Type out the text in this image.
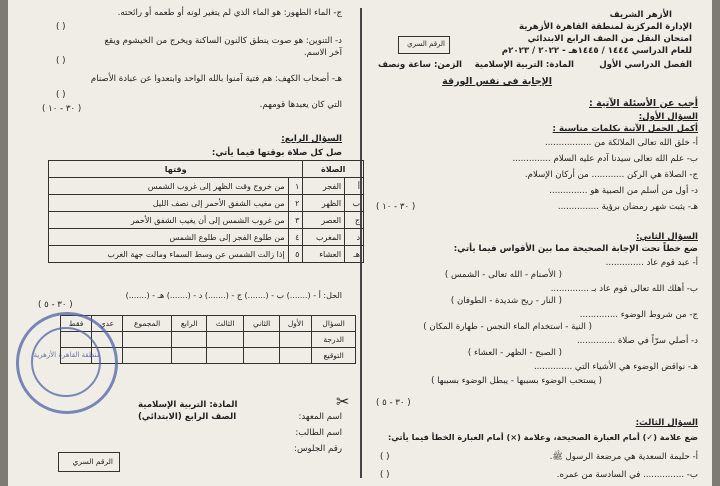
الأزهر الشريف
الإدارة المركزية لمنطقة القاهرة الأزهرية
امتحان النقل من الصف الرابع الابتدائي
للعام الدراسي ١٤٤٤ / ١٤٤٥هـ - ٢٠٢٢ / ٢٠٢٣م
الرقم السري
الفصل الدراسي الأول
المادة: التربية الإسلامية
الزمن: ساعة ونصف
الإجابة في نفس الورقة
أجب عن الأسئلة الآتية :
السؤال الأول:
أكمل الجمل الآتية بكلمات مناسبة :
أ- خلق الله تعالى الملائكة من .................
ب- علم الله تعالى سيدنا آدم عليه السلام ..............
ج- الصلاة هي الركن ............ من أركان الإسلام.
د- أول من أسلم من الصبية هو ..............
هـ- يثبت شهر رمضان برؤية ...............
( ٣٠ - ١٠ )
السؤال الثاني:
ضع خطاً تحت الإجابة الصحيحة مما بين الأقواس فيما يأتي:
أ- عبد قوم عاد ..............
( الأصنام - الله تعالى - الشمس )
ب- أهلك الله تعالى قوم عاد بـ ..............
( النار - ريح شديدة - الطوفان )
ج- من شروط الوضوء ..............
( النية - استخدام الماء النجس - طهارة المكان )
د- أصلي سرّاً في صلاة ..............
( الصبح - الظهر - العشاء )
هـ- نواقض الوضوء هي الأشياء التي ..............
( يستحب الوضوء بسببها - يبطل الوضوء بسببها )
( ٣٠ - ٥ )
السؤال الثالث:
ضع علامة (✓) أمام العبارة الصحيحة، وعلامة (×) أمام العبارة الخطأ فيما يأتي:
أ- حليمة السعدية هي مرضعة الرسول ﷺ.
( )
ب- ............... في السادسة من عمره.
( )
ج- الماء الطهور: هو الماء الذي لم يتغير لونه أو طعمه أو رائحته.
( )
د- التنوين: هو صوت ينطق كالنون الساكنة ويخرج من الخيشوم ويقع
آخر الاسم.
( )
هـ- أصحاب الكهف: هم فتية آمنوا بالله الواحد وابتعدوا عن عبادة الأصنام
( )
التي كان يعبدها قومهم.
( ٣٠ - ١٠ )
السؤال الرابع:
صل كل صلاة بوقتها فيما يأتي:
الصلاة		وقتها	
أ	الفجر	١	من خروج وقت الظهر إلى غروب الشمس
ب	الظهر	٢	من مغيب الشفق الأحمر إلى نصف الليل
ج	العصر	٣	من غروب الشمس إلى أن يغيب الشفق الأحمر
د	المغرب	٤	من طلوع الفجر إلى طلوع الشمس
هـ	العشاء	٥	إذا زالت الشمس عن وسط السماء ومالت جهة الغرب
الحل: أ - (.......) ب - (.......) ج - (.......) د - (.......) هـ - (.......)
( ٣٠ - ٥ )
السؤال	الأول	الثاني	الثالث	الرابع	المجموع	عدي	فقط
الدرجة							
التوقيع							
منطقة القاهرة الأزهرية
✂
المادة: التربية الإسلامية
الصف الرابع (الابتدائي)	اسم المعهد:
اسم الطالب:
رقم الجلوس:
الرقم السري
